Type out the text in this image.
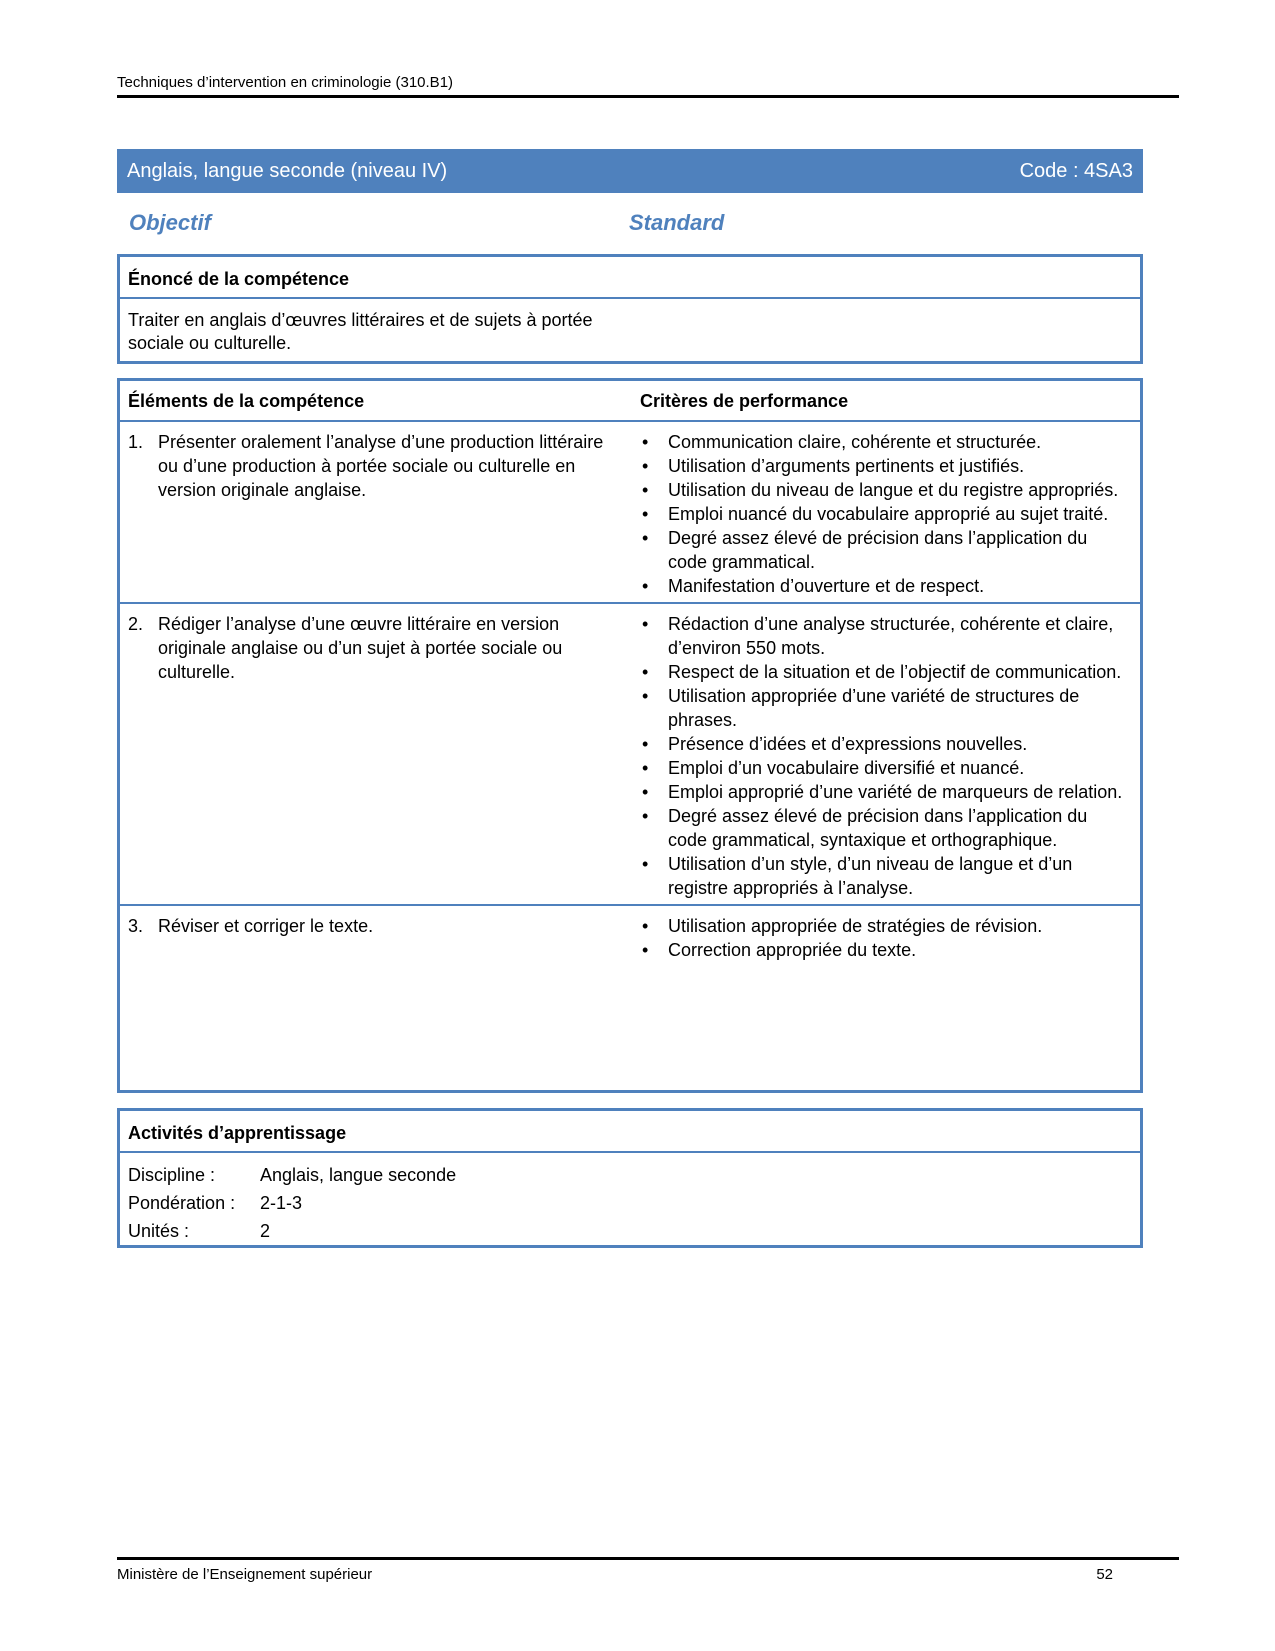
Techniques d’intervention en criminologie (310.B1)
Anglais, langue seconde (niveau IV)	Code : 4SA3
Objectif	Standard
Énoncé de la compétence
Traiter en anglais d’œuvres littéraires et de sujets à portée sociale ou culturelle.
Éléments de la compétence	Critères de performance
1. Présenter oralement l’analyse d’une production littéraire ou d’une production à portée sociale ou culturelle en version originale anglaise.
• Communication claire, cohérente et structurée.
• Utilisation d’arguments pertinents et justifiés.
• Utilisation du niveau de langue et du registre appropriés.
• Emploi nuancé du vocabulaire approprié au sujet traité.
• Degré assez élevé de précision dans l’application du code grammatical.
• Manifestation d’ouverture et de respect.
2. Rédiger l’analyse d’une œuvre littéraire en version originale anglaise ou d’un sujet à portée sociale ou culturelle.
• Rédaction d’une analyse structurée, cohérente et claire, d’environ 550 mots.
• Respect de la situation et de l’objectif de communication.
• Utilisation appropriée d’une variété de structures de phrases.
• Présence d’idées et d’expressions nouvelles.
• Emploi d’un vocabulaire diversifié et nuancé.
• Emploi approprié d’une variété de marqueurs de relation.
• Degré assez élevé de précision dans l’application du code grammatical, syntaxique et orthographique.
• Utilisation d’un style, d’un niveau de langue et d’un registre appropriés à l’analyse.
3. Réviser et corriger le texte.
•	Utilisation appropriée de stratégies de révision.
• Correction appropriée du texte.
Activités d’apprentissage
Discipline :	Anglais, langue seconde
Pondération :	2-1-3
Unités :	2
Ministère de l’Enseignement supérieur	52
